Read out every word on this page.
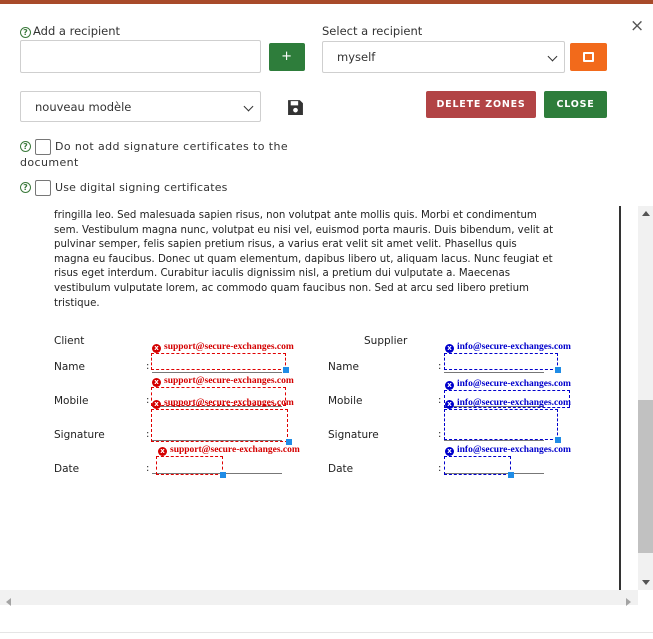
? Add a recipient
+
Select a recipient
myself
nouveau modèle	DELETE ZONES	CLOSE
×
? Do not add signature certificates to the
document
? Use digital signing certificates
fringilla leo. Sed malesuada sapien risus, non volutpat ante mollis quis. Morbi et condimentum sem. Vestibulum magna nunc, volutpat eu nisi vel, euismod porta mauris. Duis bibendum, velit at pulvinar semper, felis sapien pretium risus, a varius erat velit sit amet velit. Phasellus quis magna eu faucibus. Donec ut quam elementum, dapibus libero ut, aliquam lacus. Nunc feugiat et risus eget interdum. Curabitur iaculis dignissim nisl, a pretium dui vulputate a. Maecenas vestibulum vulputate lorem, ac commodo quam faucibus non. Sed at arcu sed libero pretium tristique.
Client
Name
Mobile
Signature
Date
:
:
:
:
Supplier
Name
Mobile
Signature
Date
:
:
:
:
x support@secure-exchanges.com
x support@secure-exchanges.com
x support@secure-exchanges.com
x support@secure-exchanges.com
x info@secure-exchanges.com
x info@secure-exchanges.com
x info@secure-exchanges.com
x info@secure-exchanges.com
